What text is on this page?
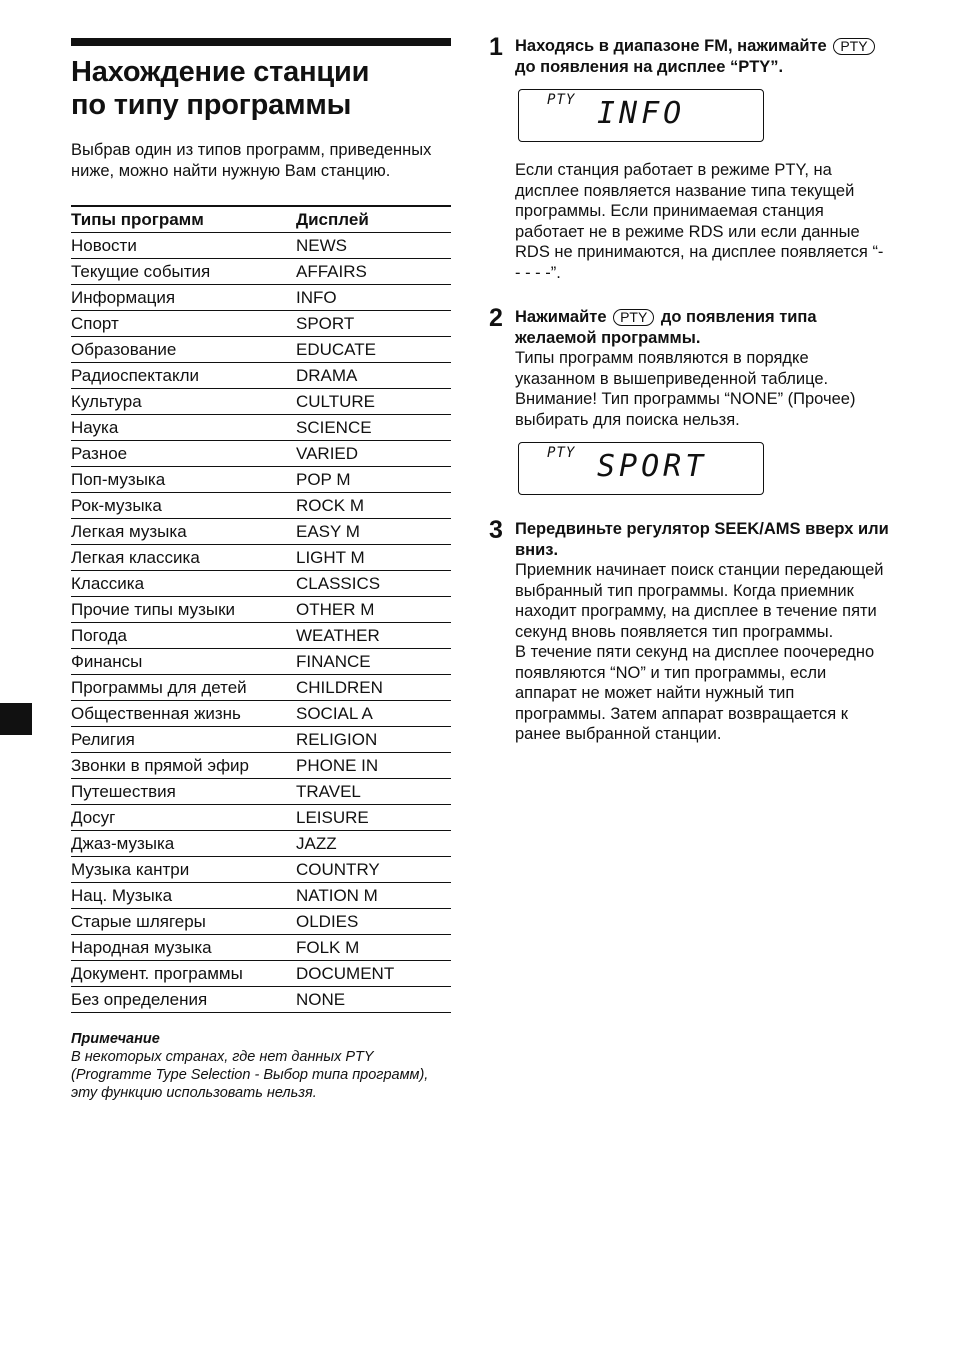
Нахождение станции
по типу программы

Выбрав один из типов программ, приведенных ниже, можно найти нужную Вам станцию.

Типы программ	Дисплей
Новости	NEWS
Текущие события	AFFAIRS
Информация	INFO
Спорт	SPORT
Образование	EDUCATE
Радиоспектакли	DRAMA
Культура	CULTURE
Наука	SCIENCE
Разное	VARIED
Поп-музыка	POP M
Рок-музыка	ROCK M
Легкая музыка	EASY M
Легкая классика	LIGHT M
Классика	CLASSICS
Прочие типы музыки	OTHER M
Погода	WEATHER
Финансы	FINANCE
Программы для детей	CHILDREN
Общественная жизнь	SOCIAL A
Религия	RELIGION
Звонки в прямой эфир	PHONE IN
Путешествия	TRAVEL
Досуг	LEISURE
Джаз-музыка	JAZZ
Музыка кантри	COUNTRY
Нац. Музыка	NATION M
Старые шлягеры	OLDIES
Народная музыка	FOLK M
Документ. программы	DOCUMENT
Без определения	NONE
Примечание
В некоторых странах, где нет данных PTY (Programme Type Selection - Выбор типа программ), эту функцию использовать нельзя.
1 Находясь в диапазоне FM, нажимайте PTY до появления на дисплее “PTY”.
PTY INFO
Если станция работает в режиме PTY, на дисплее появляется название типа текущей программы. Если принимаемая станция работает не в режиме RDS или если данные RDS не принимаются, на дисплее появляется “- - - - -”.
2 Нажимайте PTY до появления типа желаемой программы.
Типы программ появляются в порядке указанном в вышеприведенной таблице. Внимание! Тип программы “NONE” (Прочее) выбирать для поиска нельзя.
PTY SPORT
3 Передвиньте регулятор SEEK/AMS вверх или вниз.
Приемник начинает поиск станции передающей выбранный тип программы. Когда приемник находит программу, на дисплее в течение пяти секунд вновь появляется тип программы.
В течение пяти секунд на дисплее поочередно появляются “NO” и тип программы, если аппарат не может найти нужный тип программы. Затем аппарат возвращается к ранее выбранной станции.
